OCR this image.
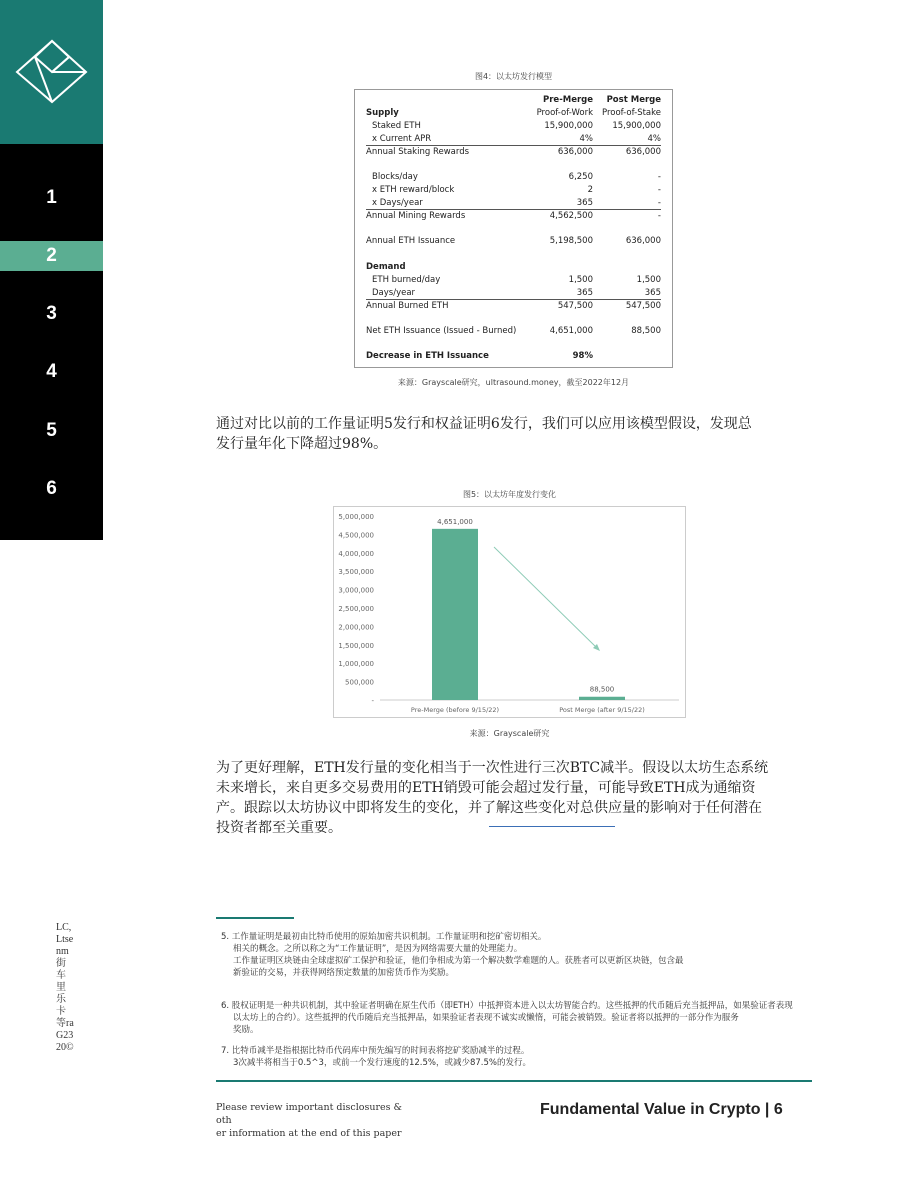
1
2
3
4
5
6
LC, Ltsenm街车里乐卡等raG2320©
图4：以太坊发行模型
Pre-Merge Post Merge
Proof-of-Work Proof-of-Stake
Supply
Staked ETH	15,900,000 15,900,000
x Current APR	4%	4%
Annual Staking Rewards	636,000	636,000
Blocks/day	6,250	-
x ETH reward/block	2	-
x Days/year	365	-
Annual Mining Rewards	4,562,500	-
Annual ETH Issuance	5,198,500	636,000
Demand
ETH burned/day	1,500	1,500
Days/year	365	365
Annual Burned ETH	547,500	547,500
Net ETH Issuance (Issued - Burned)	4,651,000	88,500
Decrease in ETH Issuance	98%
来源：Grayscale研究，ultrasound.money，截至2022年12月
通过对比以前的工作量证明5发行和权益证明6发行，我们可以应用该模型假设，发现总
发行量年化下降超过98%。
图5：以太坊年度发行变化
5,000,000
4,500,000
4,000,000
3,500,000
3,000,000
2,500,000
2,000,000
1,500,000
1,000,000
500,000
-
4,651,000
88,500
Pre-Merge (before 9/15/22)	Post Merge (after 9/15/22)
来源：Grayscale研究
为了更好理解，ETH发行量的变化相当于一次性进行三次BTC减半。假设以太坊生态系统
未来增长，来自更多交易费用的ETH销毁可能会超过发行量，可能导致ETH成为通缩资
产。跟踪以太坊协议中即将发生的变化，并了解这些变化对总供应量的影响对于任何潜在
投资者都至关重要。
5. 工作量证明是最初由比特币使用的原始加密共识机制。工作量证明和挖矿密切相关。
相关的概念。之所以称之为“工作量证明”，是因为网络需要大量的处理能力。
工作量证明区块链由全球虚拟矿工保护和验证，他们争相成为第一个解决数学难题的人。获胜者可以更新区块链，包含最
新验证的交易，并获得网络预定数量的加密货币作为奖励。
6. 股权证明是一种共识机制，其中验证者明确在原生代币（即ETH）中抵押资本进入以太坊智能合约。这些抵押的代币随后充当抵押品，如果验证者表现
以太坊上的合约）。这些抵押的代币随后充当抵押品，如果验证者表现不诚实或懒惰，可能会被销毁。验证者将以抵押的一部分作为服务
奖励。
7. 比特币减半是指根据比特币代码库中预先编写的时间表将挖矿奖励减半的过程。
3次减半将相当于0.5^3，或前一个发行速度的12.5%，或减少87.5%的发行。
Please review important disclosures & oth
er information at the end of this paper
Fundamental Value in Crypto | 6
